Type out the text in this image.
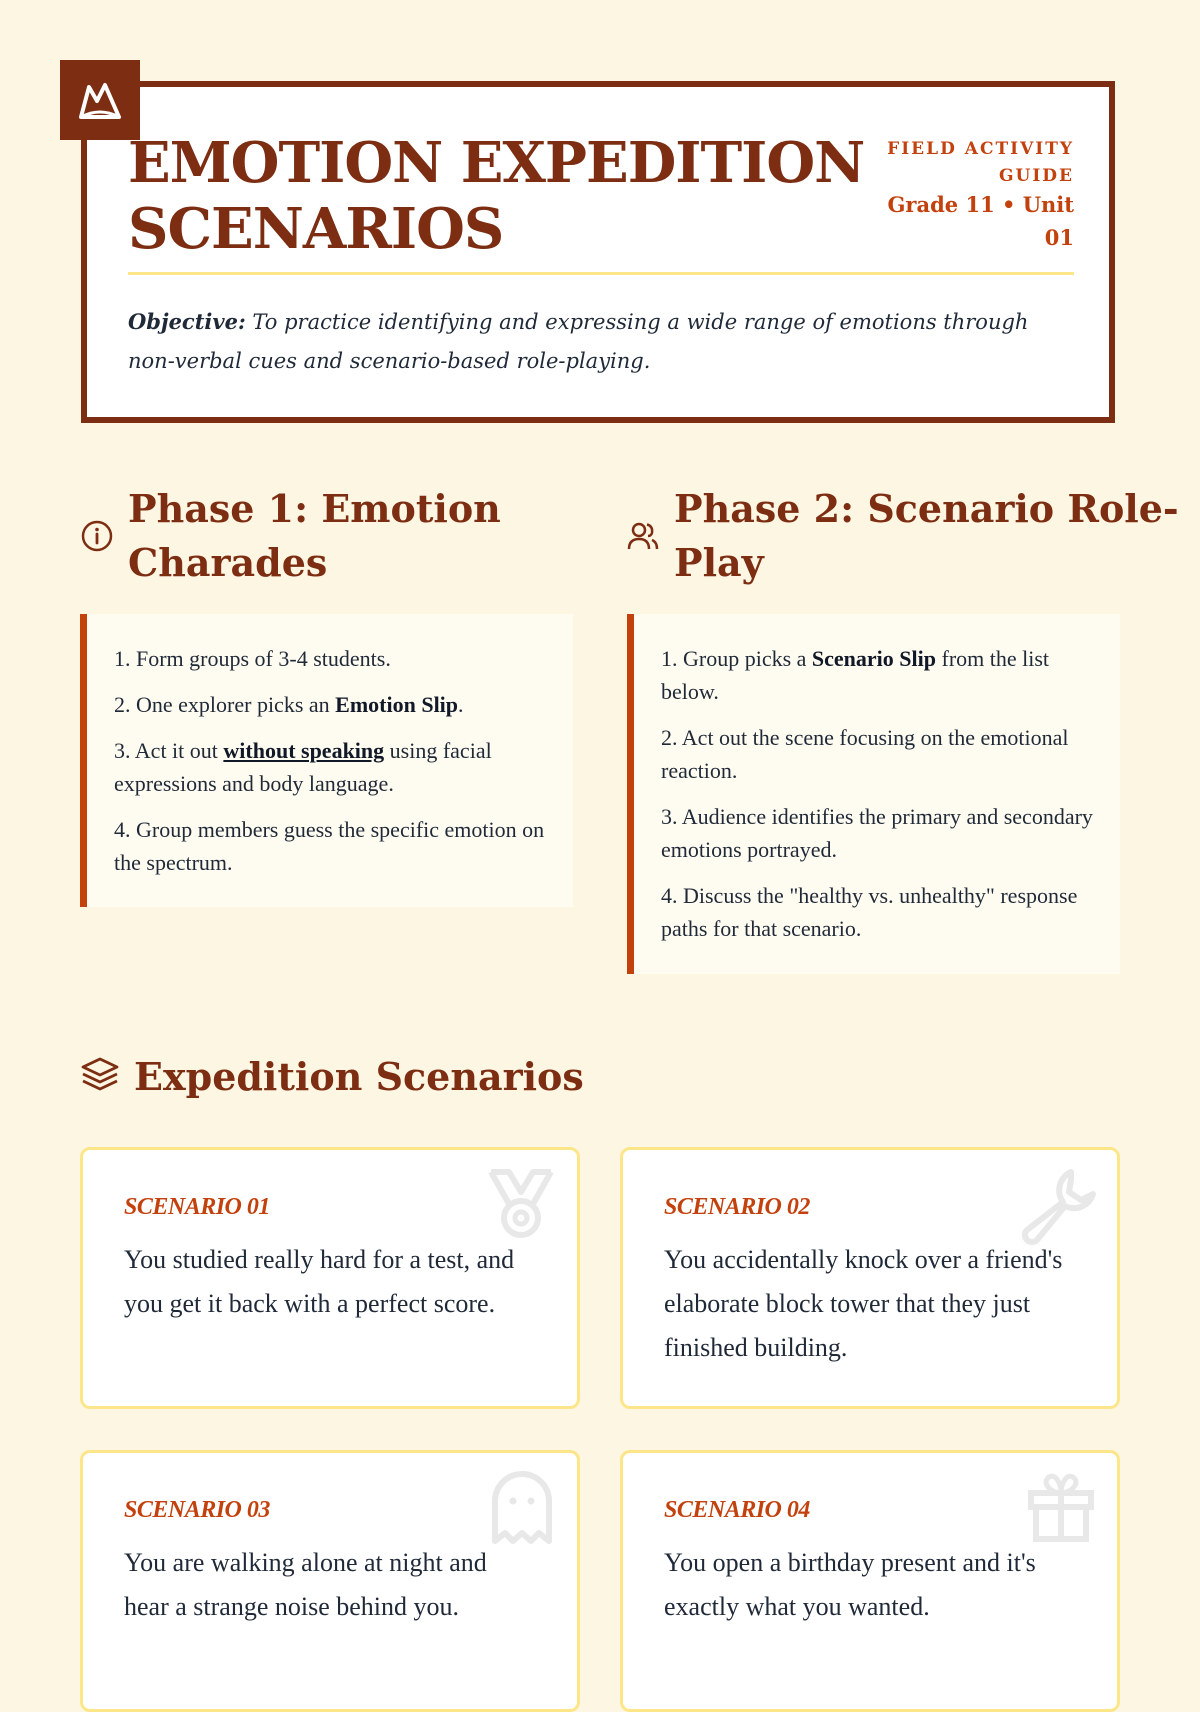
EMOTION EXPEDITION
SCENARIOS
FIELD ACTIVITY
GUIDE
Grade 11 • Unit
01
Objective: To practice identifying and expressing a wide range of emotions through non-verbal cues and scenario-based role-playing.
Phase 1: Emotion
Charades
1. Form groups of 3-4 students.
2. One explorer picks an Emotion Slip.
3. Act it out without speaking using facial expressions and body language.
4. Group members guess the specific emotion on the spectrum.
Phase 2: Scenario Role-
Play
1. Group picks a Scenario Slip from the list below.
2. Act out the scene focusing on the emotional reaction.
3. Audience identifies the primary and secondary emotions portrayed.
4. Discuss the "healthy vs. unhealthy" response paths for that scenario.
Expedition Scenarios
SCENARIO 01
You studied really hard for a test, and you get it back with a perfect score.
SCENARIO 02
You accidentally knock over a friend's elaborate block tower that they just finished building.
SCENARIO 03
You are walking alone at night and hear a strange noise behind you.
SCENARIO 04
You open a birthday present and it's exactly what you wanted.
